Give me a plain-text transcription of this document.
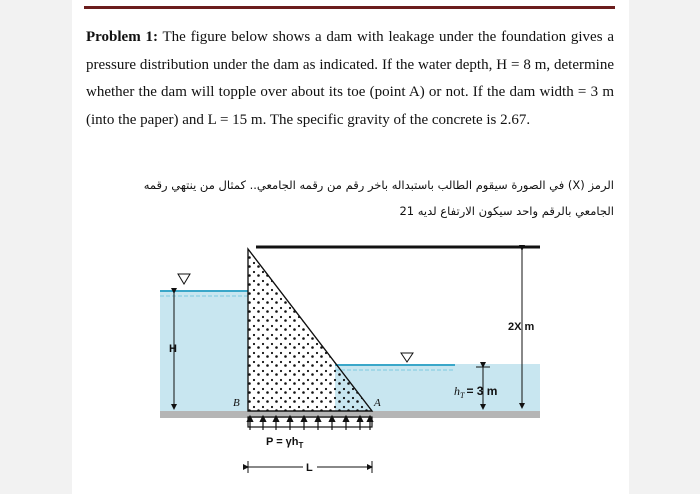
Problem 1: The figure below shows a dam with leakage under the foundation gives a pressure distribution under the dam as indicated. If the water depth, H = 8 m, determine whether the dam will topple over about its toe (point A) or not. If the dam width = 3 m (into the paper) and L = 15 m. The specific gravity of the concrete is 2.67.

الرمز (X) في الصورة سيقوم الطالب باستبداله باخر رقم من رقمه الجامعي.. كمثال من ينتهي رقمه

الجامعي بالرقم واحد سيكون الارتفاع لديه 21

H
2X m
$h_T = 3$ m
B	A
$P = \gamma h_T$
L
